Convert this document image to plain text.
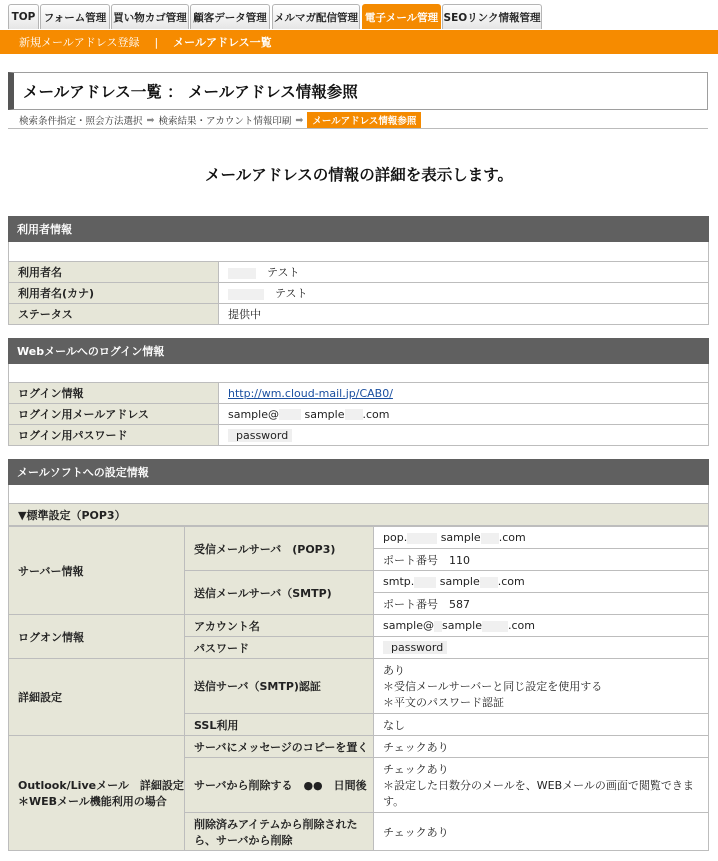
TOP フォーム管理 買い物カゴ管理 顧客データ管理 メルマガ配信管理 電子メール管理 SEOリンク情報管理
新規メールアドレス登録 | メールアドレス一覧
メールアドレス一覧 ： メールアドレス情報参照
検索条件指定・照会方法選択 ➡ 検索結果・アカウント情報印刷 ➡ メールアドレス情報参照
メールアドレスの情報の詳細を表示します。
利用者情報
利用者名	　テスト
利用者名(カナ)	　テスト
ステータス	提供中
Webメールへのログイン情報
ログイン情報	http://wm.cloud-mail.jp/CAB0/
ログイン用メールアドレス	sample@ sample .com
ログイン用パスワード	password
メールソフトへの設定情報
▼標準設定（POP3）
サーバー情報	受信メールサーバ　(POP3)	pop. sample .com
		ポート番号　110
	送信メールサーバ（SMTP)	smtp. sample .com
		ポート番号　587
ログオン情報	アカウント名	sample@ sample .com
	パスワード	password
詳細設定	送信サーバ（SMTP)認証	あり
＊受信メールサーバーと同じ設定を使用する
＊平文のパスワード認証

	SSL利用	なし

Outlook/Liveメール　詳細設定
＊WEBメール機能利用の場合	サーバにメッセージのコピーを置く	チェックあり
	サーバから削除する　●●　日間後	チェックあり
＊設定した日数分のメールを、WEBメールの画面で閲覧できます。

	削除済みアイテムから削除されたら、サーバから削除	チェックあり
